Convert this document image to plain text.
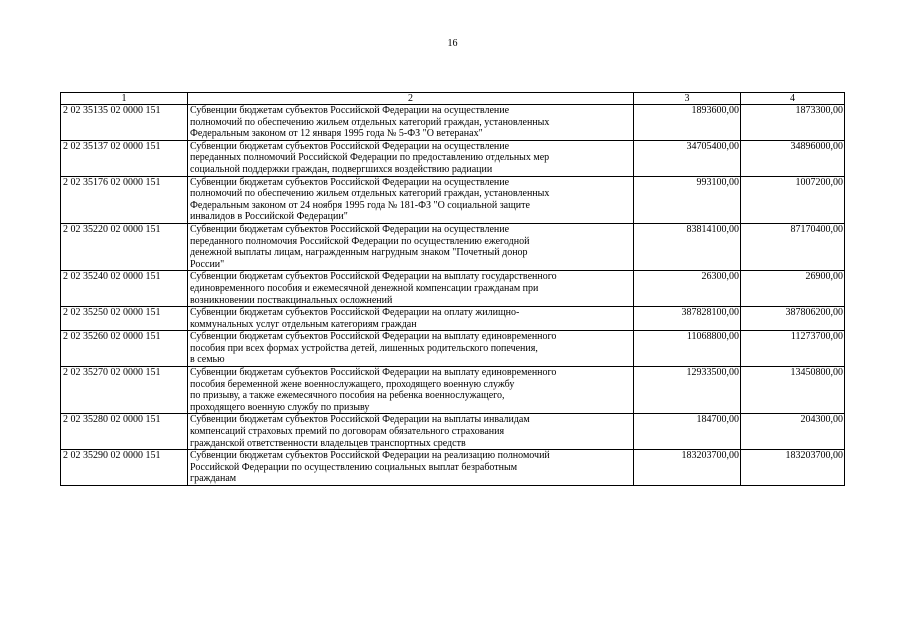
16
1	2	3	4
2 02 35135 02 0000 151	Субвенции бюджетам субъектов Российской Федерации на осуществление
полномочий по обеспечению жильем отдельных категорий граждан, установленных
Федеральным законом от 12 января 1995 года № 5-ФЗ "О ветеранах"	1893600,00	1873300,00
2 02 35137 02 0000 151	Субвенции бюджетам субъектов Российской Федерации на осуществление
переданных полномочий Российской Федерации по предоставлению отдельных мер
социальной поддержки граждан, подвергшихся воздействию радиации	34705400,00	34896000,00
2 02 35176 02 0000 151	Субвенции бюджетам субъектов Российской Федерации на осуществление
полномочий по обеспечению жильем отдельных категорий граждан, установленных
Федеральным законом от 24 ноября 1995 года № 181-ФЗ "О социальной защите
инвалидов в Российской Федерации"	993100,00	1007200,00
2 02 35220 02 0000 151	Субвенции бюджетам субъектов Российской Федерации на осуществление
переданного полномочия Российской Федерации по осуществлению ежегодной
денежной выплаты лицам, награжденным нагрудным знаком "Почетный донор
России"	83814100,00	87170400,00
2 02 35240 02 0000 151	Субвенции бюджетам субъектов Российской Федерации на выплату государственного
единовременного пособия и ежемесячной денежной компенсации гражданам при
возникновении поствакцинальных осложнений	26300,00	26900,00
2 02 35250 02 0000 151	Субвенции бюджетам субъектов Российской Федерации на оплату жилищно-
коммунальных услуг отдельным категориям граждан	387828100,00	387806200,00
2 02 35260 02 0000 151	Субвенции бюджетам субъектов Российской Федерации на выплату единовременного
пособия при всех формах устройства детей, лишенных родительского попечения,
в семью	11068800,00	11273700,00
2 02 35270 02 0000 151	Субвенции бюджетам субъектов Российской Федерации на выплату единовременного
пособия беременной жене военнослужащего, проходящего военную службу
по призыву, а также ежемесячного пособия на ребенка военнослужащего,
проходящего военную службу по призыву	12933500,00	13450800,00
2 02 35280 02 0000 151	Субвенции бюджетам субъектов Российской Федерации на выплаты инвалидам
компенсаций страховых премий по договорам обязательного страхования
гражданской ответственности владельцев транспортных средств	184700,00	204300,00
2 02 35290 02 0000 151	Субвенции бюджетам субъектов Российской Федерации на реализацию полномочий
Российской Федерации по осуществлению социальных выплат безработным
гражданам	183203700,00	183203700,00
